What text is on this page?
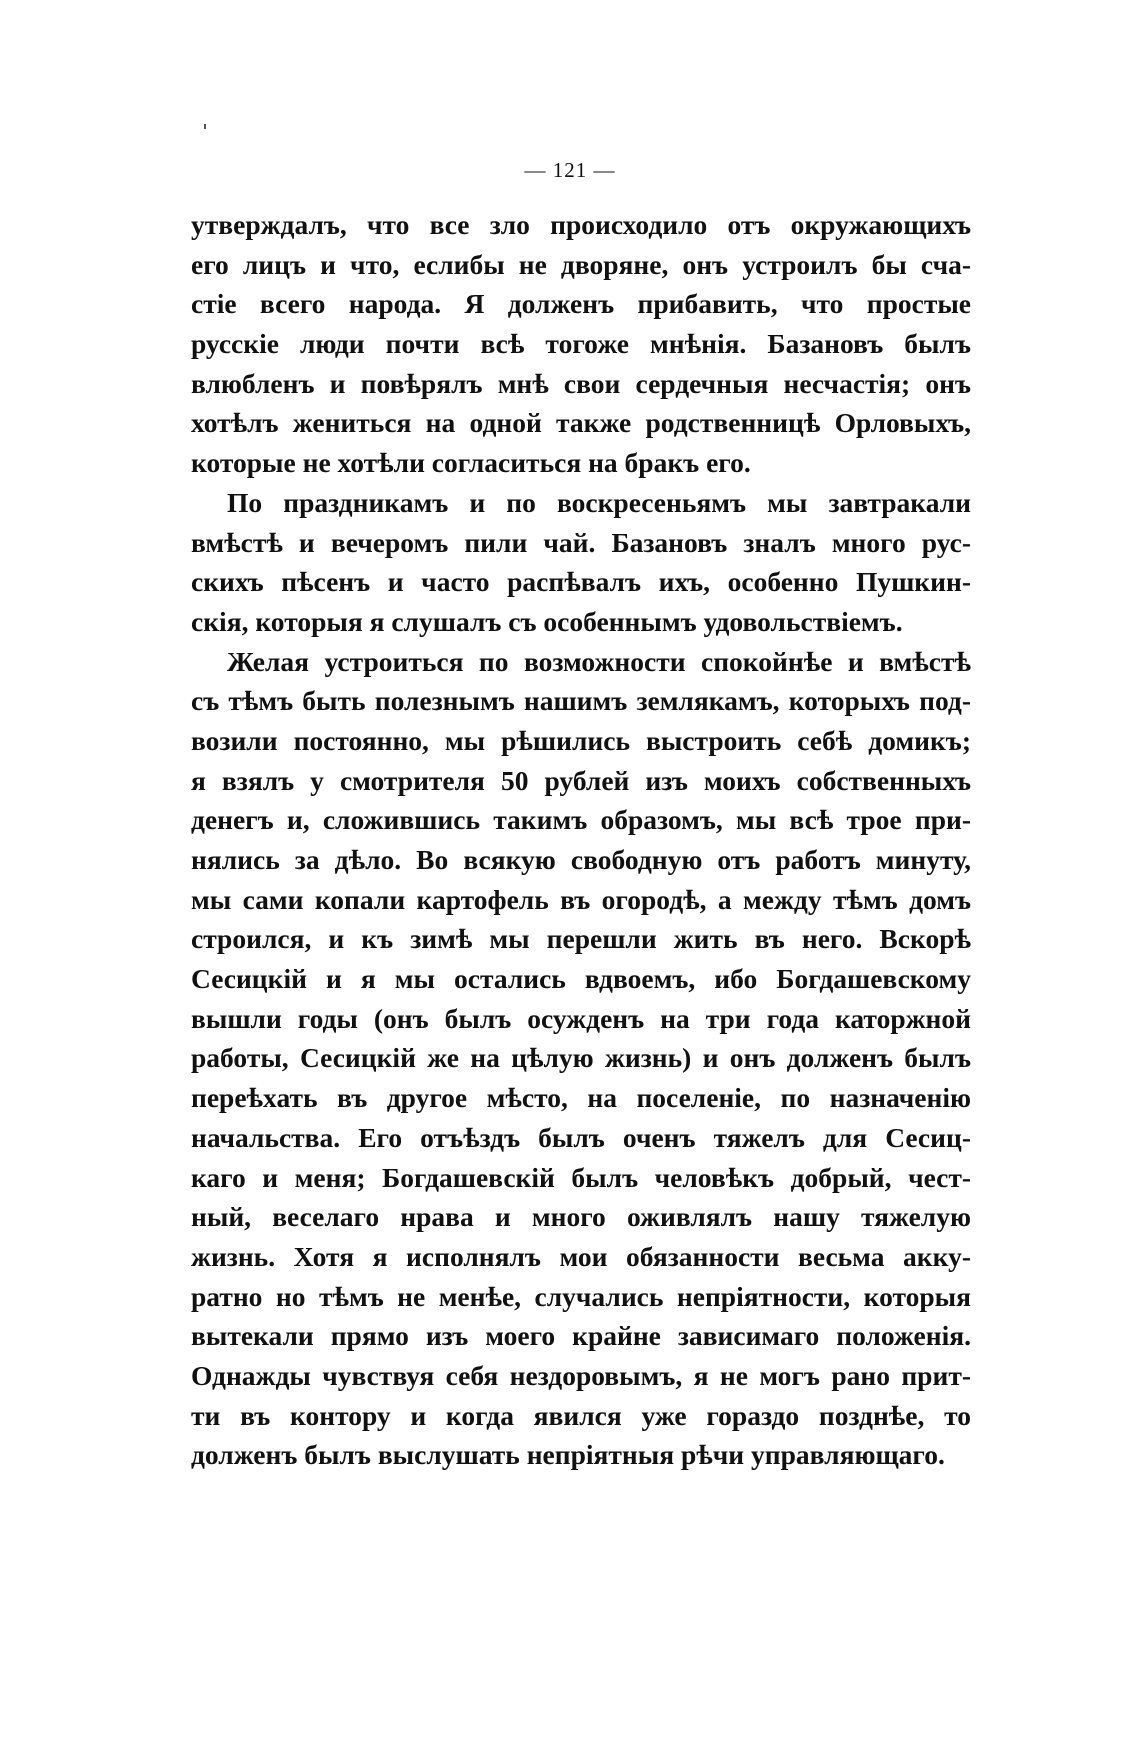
— 121 —
утверждалъ, что все зло происходило отъ окружающихъ
его лицъ и что, еслибы не дворяне, онъ устроилъ бы сча-
стіе всего народа. Я долженъ прибавить, что простые
русскіе люди почти всѣ тогоже мнѣнія. Базановъ былъ
влюбленъ и повѣрялъ мнѣ свои сердечныя несчастія; онъ
хотѣлъ жениться на одной также родственницѣ Орловыхъ,
которые не хотѣли согласиться на бракъ его.
По праздникамъ и по воскресеньямъ мы завтракали
вмѣстѣ и вечеромъ пили чай. Базановъ зналъ много рус-
скихъ пѣсенъ и часто распѣвалъ ихъ, особенно Пушкин-
скія, которыя я слушалъ съ особеннымъ удовольствіемъ.
Желая устроиться по возможности спокойнѣе и вмѣстѣ
съ тѣмъ быть полезнымъ нашимъ землякамъ, которыхъ под-
возили постоянно, мы рѣшились выстроить себѣ домикъ;
я взялъ у смотрителя 50 рублей изъ моихъ собственныхъ
денегъ и, сложившись такимъ образомъ, мы всѣ трое при-
нялись за дѣло. Во всякую свободную отъ работъ минуту,
мы сами копали картофель въ огородѣ, а между тѣмъ домъ
строился, и къ зимѣ мы перешли жить въ него. Вскорѣ
Сесицкій и я мы остались вдвоемъ, ибо Богдашевскому
вышли годы (онъ былъ осужденъ на три года каторжной
работы, Сесицкій же на цѣлую жизнь) и онъ долженъ былъ
переѣхать въ другое мѣсто, на поселеніе, по назначенію
начальства. Его отъѣздъ былъ оченъ тяжелъ для Сесиц-
каго и меня; Богдашевскій былъ человѣкъ добрый, чест-
ный, веселаго нрава и много оживлялъ нашу тяжелую
жизнь. Хотя я исполнялъ мои обязанности весьма акку-
ратно но тѣмъ не менѣе, случались непріятности, которыя
вытекали прямо изъ моего крайне зависимаго положенія.
Однажды чувствуя себя нездоровымъ, я не могъ рано прит-
ти въ контору и когда явился уже гораздо позднѣе, то
долженъ былъ выслушать непріятныя рѣчи управляющаго.
